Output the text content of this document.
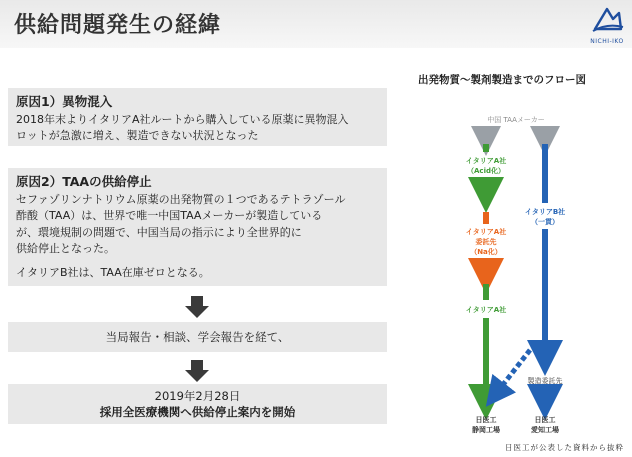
供給問題発生の経緯
NICHI-IKO
原因1）異物混入
2018年末よりイタリアA社ルートから購入している原薬に異物混入
ロットが急激に増え、製造できない状況となった
原因2）TAAの供給停止
セファゾリンナトリウム原薬の出発物質の１つであるテトラゾール
酢酸（TAA）は、世界で唯一中国TAAメーカーが製造している
が、環境規制の問題で、中国当局の指示により全世界的に
供給停止となった。
イタリアB社は、TAA在庫ゼロとなる。
当局報告・相談、学会報告を経て、
2019年2月28日
採用全医療機関へ供給停止案内を開始
出発物質～製剤製造までのフロー図
中国 TAAメーカー
イタリアA社
（Acid化）
イタリアA社
委託先
（Na化）
イタリアA社
イタリアB社
（一貫）
製造委託先
日医工
静岡工場
日医工
愛知工場
日医工が公表した資料から抜粋
